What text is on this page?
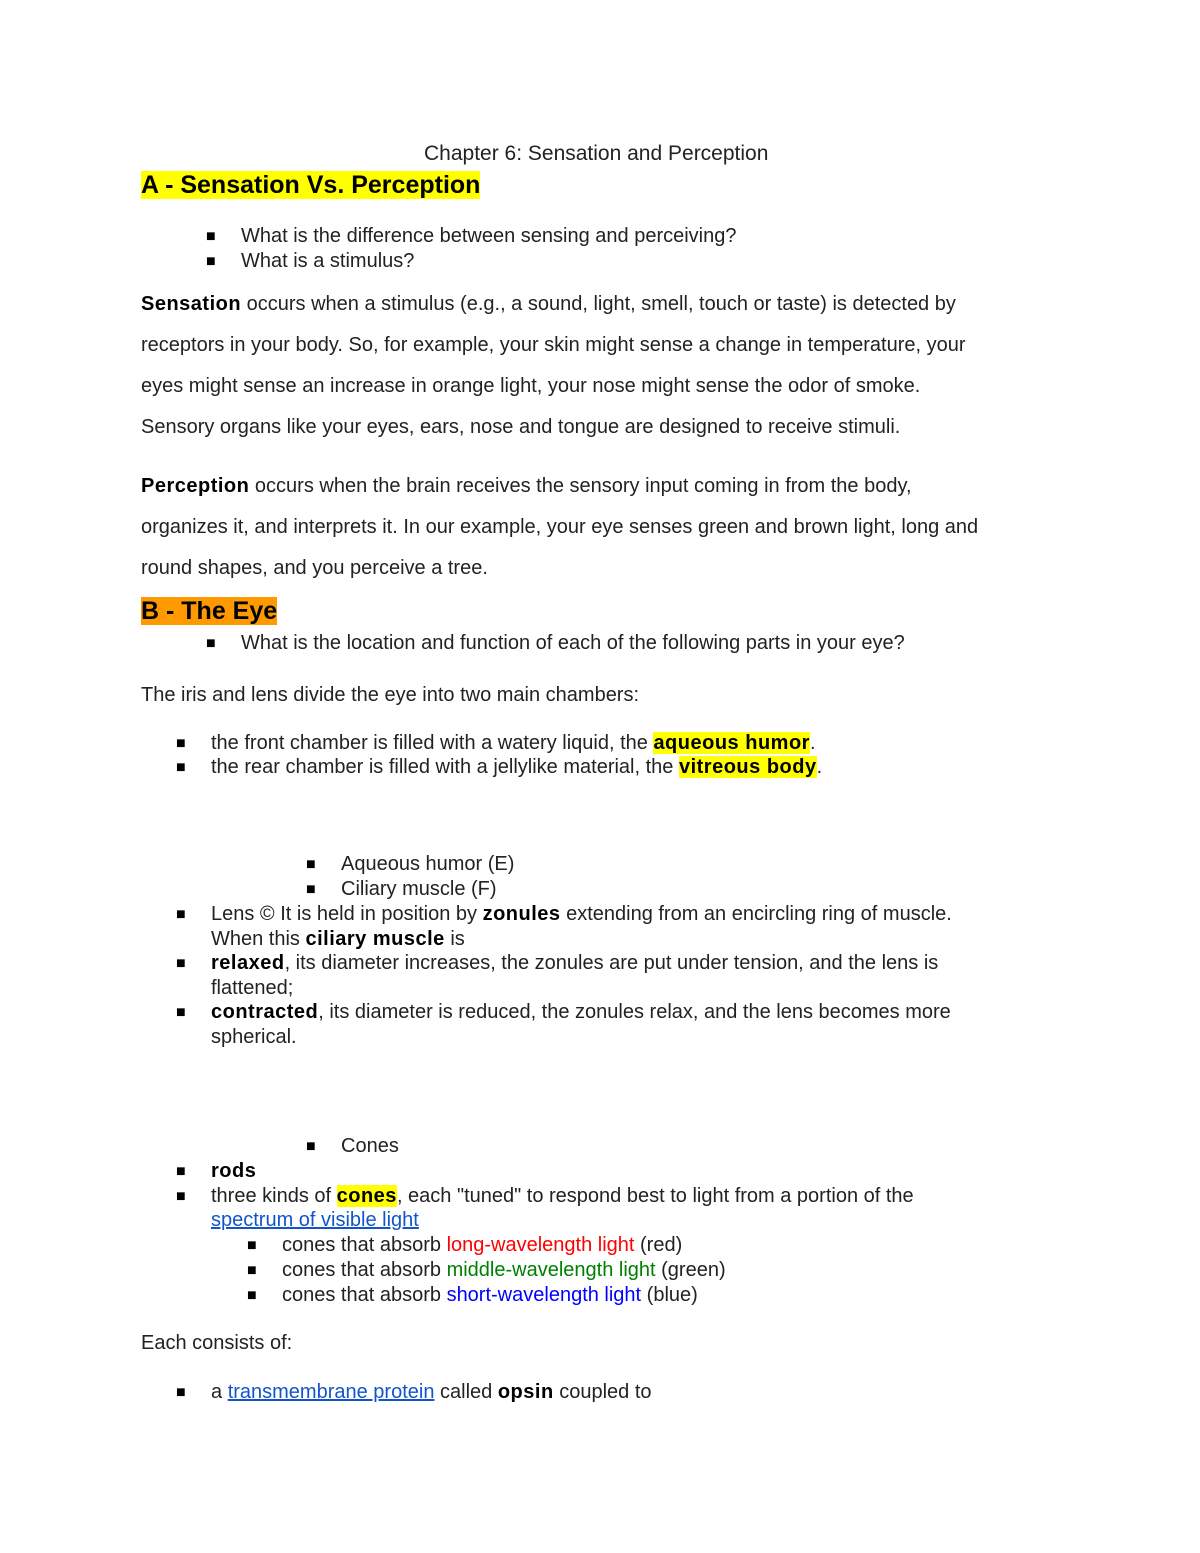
Chapter 6: Sensation and Perception
A - Sensation Vs. Perception
■ What is the difference between sensing and perceiving?
■ What is a stimulus?
Sensation occurs when a stimulus (e.g., a sound, light, smell, touch or taste) is detected by
receptors in your body. So, for example, your skin might sense a change in temperature, your
eyes might sense an increase in orange light, your nose might sense the odor of smoke.
Sensory organs like your eyes, ears, nose and tongue are designed to receive stimuli.
Perception occurs when the brain receives the sensory input coming in from the body,
organizes it, and interprets it. In our example, your eye senses green and brown light, long and
round shapes, and you perceive a tree.
B - The Eye
■ What is the location and function of each of the following parts in your eye?
The iris and lens divide the eye into two main chambers:
■ the front chamber is filled with a watery liquid, the aqueous humor.
■ the rear chamber is filled with a jellylike material, the vitreous body.
■ Aqueous humor (E)
■ Ciliary muscle (F)
■ Lens © It is held in position by zonules extending from an encircling ring of muscle.
When this ciliary muscle is
■ relaxed, its diameter increases, the zonules are put under tension, and the lens is
flattened;
■ contracted, its diameter is reduced, the zonules relax, and the lens becomes more
spherical.
■ Cones
■ rods
■ three kinds of cones, each "tuned" to respond best to light from a portion of the
spectrum of visible light
■ cones that absorb long-wavelength light (red)
■ cones that absorb middle-wavelength light (green)
■ cones that absorb short-wavelength light (blue)
Each consists of:
■ a transmembrane protein called opsin coupled to
